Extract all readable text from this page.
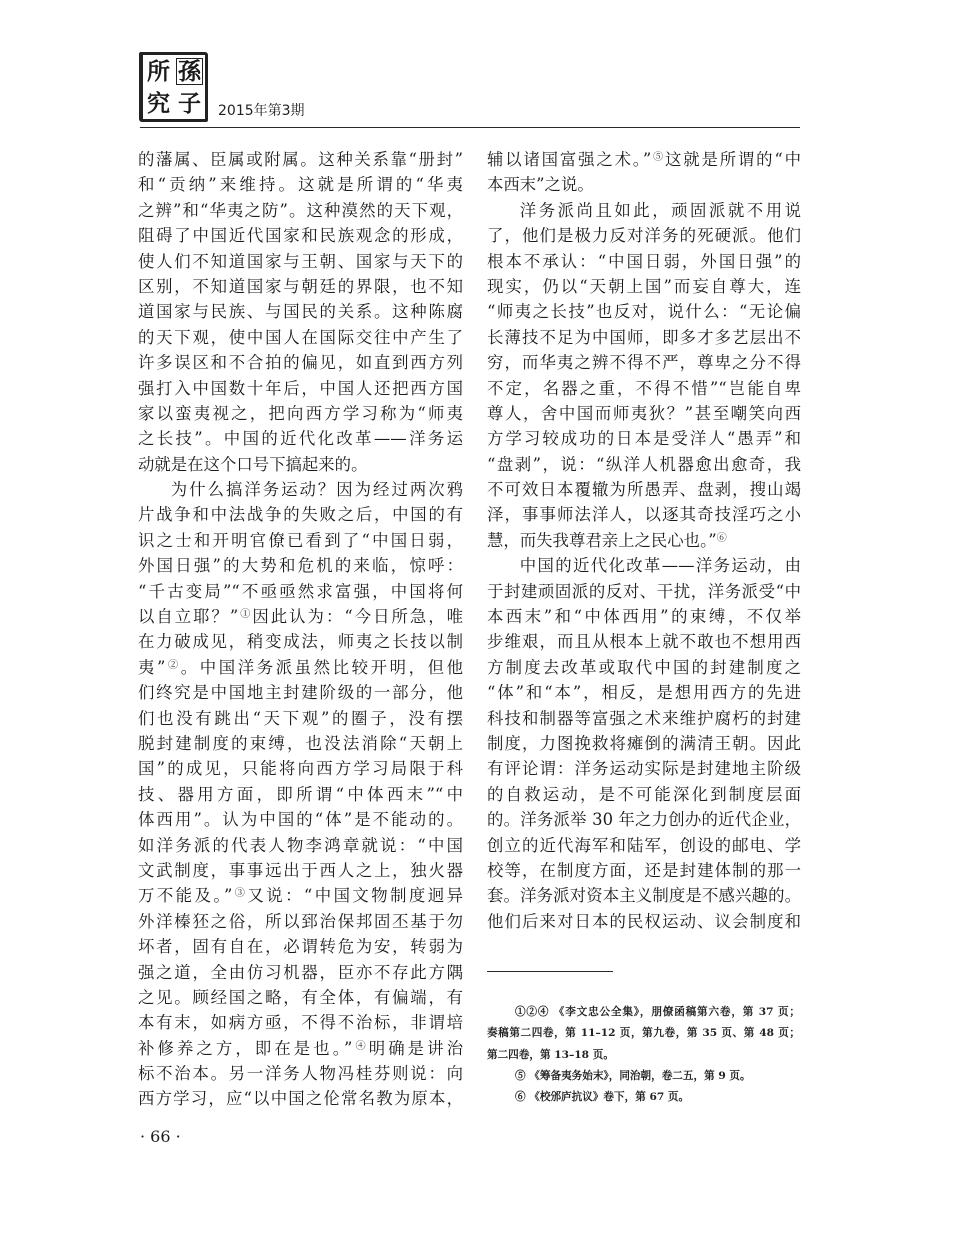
所 孫
究 子 2015年第3期
的藩属、臣属或附属。这种关系靠“册封”
和“贡纳”来维持。这就是所谓的“华夷
之辨”和“华夷之防”。这种漠然的天下观，
阻碍了中国近代国家和民族观念的形成，
使人们不知道国家与王朝、国家与天下的
区别，不知道国家与朝廷的界限，也不知
道国家与民族、与国民的关系。这种陈腐
的天下观，使中国人在国际交往中产生了
许多误区和不合拍的偏见，如直到西方列
强打入中国数十年后，中国人还把西方国
家以蛮夷视之，把向西方学习称为“师夷
之长技”。中国的近代化改革——洋务运
动就是在这个口号下搞起来的。
为什么搞洋务运动？因为经过两次鸦
片战争和中法战争的失败之后，中国的有
识之士和开明官僚已看到了“中国日弱，
外国日强”的大势和危机的来临，惊呼：
“千古变局”“不亟亟然求富强，中国将何
以自立耶？”①因此认为：“今日所急，唯
在力破成见，稍变成法，师夷之长技以制
夷”②。中国洋务派虽然比较开明，但他
们终究是中国地主封建阶级的一部分，他
们也没有跳出“天下观”的圈子，没有摆
脱封建制度的束缚，也没法消除“天朝上
国”的成见，只能将向西方学习局限于科
技、器用方面，即所谓“中体西末”“中
体西用”。认为中国的“体”是不能动的。
如洋务派的代表人物李鸿章就说：“中国
文武制度，事事远出于西人之上，独火器
万不能及。”③又说：“中国文物制度迥异
外洋榛狉之俗，所以郅治保邦固丕基于勿
坏者，固有自在，必谓转危为安，转弱为
强之道，全由仿习机器，臣亦不存此方隅
之见。顾经国之略，有全体，有偏端，有
本有末，如病方亟，不得不治标，非谓培
补修养之方，即在是也。”④明确是讲治
标不治本。另一洋务人物冯桂芬则说：向
西方学习，应“以中国之伦常名教为原本，
辅以诸国富强之术。”⑤这就是所谓的“中
本西末”之说。
洋务派尚且如此，顽固派就不用说
了，他们是极力反对洋务的死硬派。他们
根本不承认：“中国日弱，外国日强”的
现实，仍以“天朝上国”而妄自尊大，连
“师夷之长技”也反对，说什么：“无论偏
长薄技不足为中国师，即多才多艺层出不
穷，而华夷之辨不得不严，尊卑之分不得
不定，名器之重，不得不惜”“岂能自卑
尊人，舍中国而师夷狄？”甚至嘲笑向西
方学习较成功的日本是受洋人“愚弄”和
“盘剥”，说：“纵洋人机器愈出愈奇，我
不可效日本覆辙为所愚弄、盘剥，搜山竭
泽，事事师法洋人，以逐其奇技淫巧之小
慧，而失我尊君亲上之民心也。”⑥
中国的近代化改革——洋务运动，由
于封建顽固派的反对、干扰，洋务派受“中
本西末”和“中体西用”的束缚，不仅举
步维艰，而且从根本上就不敢也不想用西
方制度去改革或取代中国的封建制度之
“体”和“本”，相反，是想用西方的先进
科技和制器等富强之术来维护腐朽的封建
制度，力图挽救将瘫倒的满清王朝。因此
有评论谓：洋务运动实际是封建地主阶级
的自救运动，是不可能深化到制度层面
的。洋务派举 30 年之力创办的近代企业，
创立的近代海军和陆军，创设的邮电、学
校等，在制度方面，还是封建体制的那一
套。洋务派对资本主义制度是不感兴趣的。
他们后来对日本的民权运动、议会制度和
①②④ 《李文忠公全集》，朋僚函稿第六卷，第 37 页；
奏稿第二四卷，第 11–12 页，第九卷，第 35 页、第 48 页；
第二四卷，第 13–18 页。
⑤ 《筹备夷务始末》，同治朝，卷二五，第 9 页。
⑥ 《校邠庐抗议》卷下，第 67 页。
· 66 ·
